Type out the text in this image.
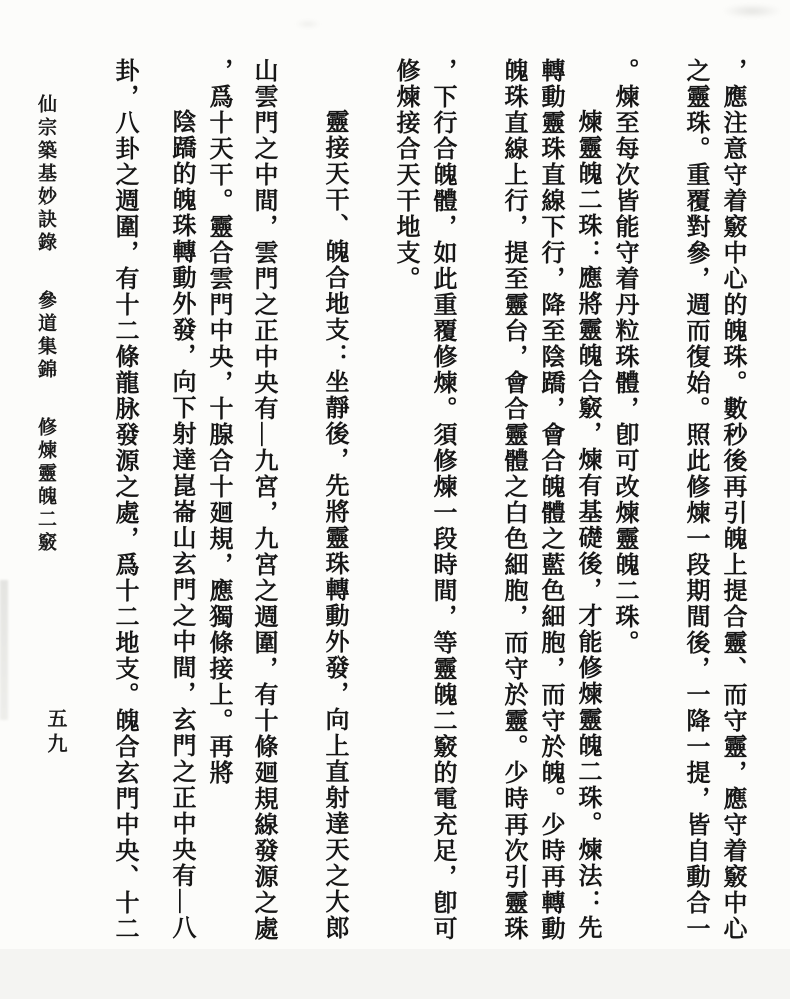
，應注意守着竅中心的魄珠。數秒後再引魄上提合靈、而守靈，應守着竅中心
之靈珠。重覆對參，週而復始。照此修煉一段期間後，一降一提，皆自動合一
。煉至每次皆能守着丹粒珠體，卽可改煉靈魄二珠。
煉靈魄二珠：應將靈魄合竅，煉有基礎後，才能修煉靈魄二珠。煉法：先
轉動靈珠直線下行，降至陰蹻，會合魄體之藍色細胞，而守於魄。少時再轉動
魄珠直線上行，提至靈台，會合靈體之白色細胞，而守於靈。少時再次引靈珠
，下行合魄體，如此重覆修煉。須修煉一段時間，等靈魄二竅的電充足，卽可
修煉接合天干地支。
靈接天干、魄合地支：坐靜後，先將靈珠轉動外發，向上直射達天之大郎
山雲門之中間，雲門之正中央有—九宮，九宮之週圍，有十條廻規線發源之處
，爲十天干。靈合雲門中央，十腺合十廻規，應獨條接上。再將
陰蹻的魄珠轉動外發，向下射達崑崙山玄門之中間，玄門之正中央有—八
卦，八卦之週圍，有十二條龍脉發源之處，爲十二地支。魄合玄門中央、十二
仙宗築基妙訣錄 參道集錦 修煉靈魄二竅
五九
